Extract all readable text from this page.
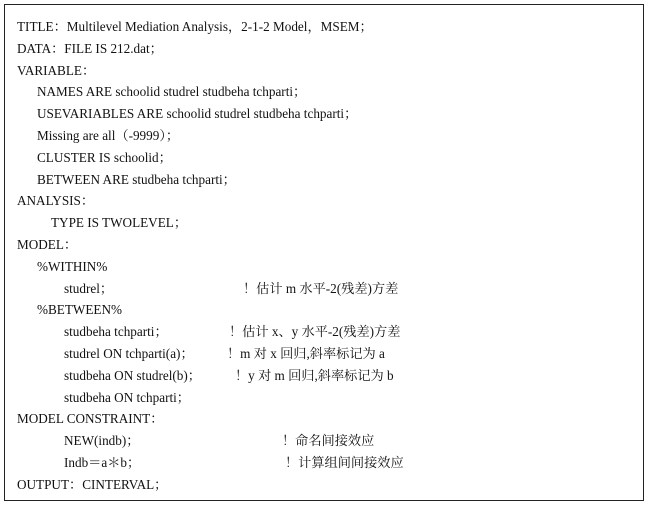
TITLE：Multilevel Mediation Analysis，2-1-2 Model，MSEM；
DATA：FILE IS 212.dat；
VARIABLE：
NAMES ARE schoolid studrel studbeha tchparti；
USEVARIABLES ARE schoolid studrel studbeha tchparti；
Missing are all（-9999）；
CLUSTER IS schoolid；
BETWEEN ARE studbeha tchparti；
ANALYSIS：
TYPE IS TWOLEVEL；
MODEL：
%WITHIN%
studrel；	！估计 m 水平-2(残差)方差
%BETWEEN%
studbeha tchparti；	！估计 x、y 水平-2(残差)方差
studrel ON tchparti(a)；	！m 对 x 回归,斜率标记为 a
studbeha ON studrel(b)；	！y 对 m 回归,斜率标记为 b
studbeha ON tchparti；
MODEL CONSTRAINT：
NEW(indb)；	！命名间接效应
Indb＝a＊b；	！计算组间间接效应
OUTPUT：CINTERVAL；
